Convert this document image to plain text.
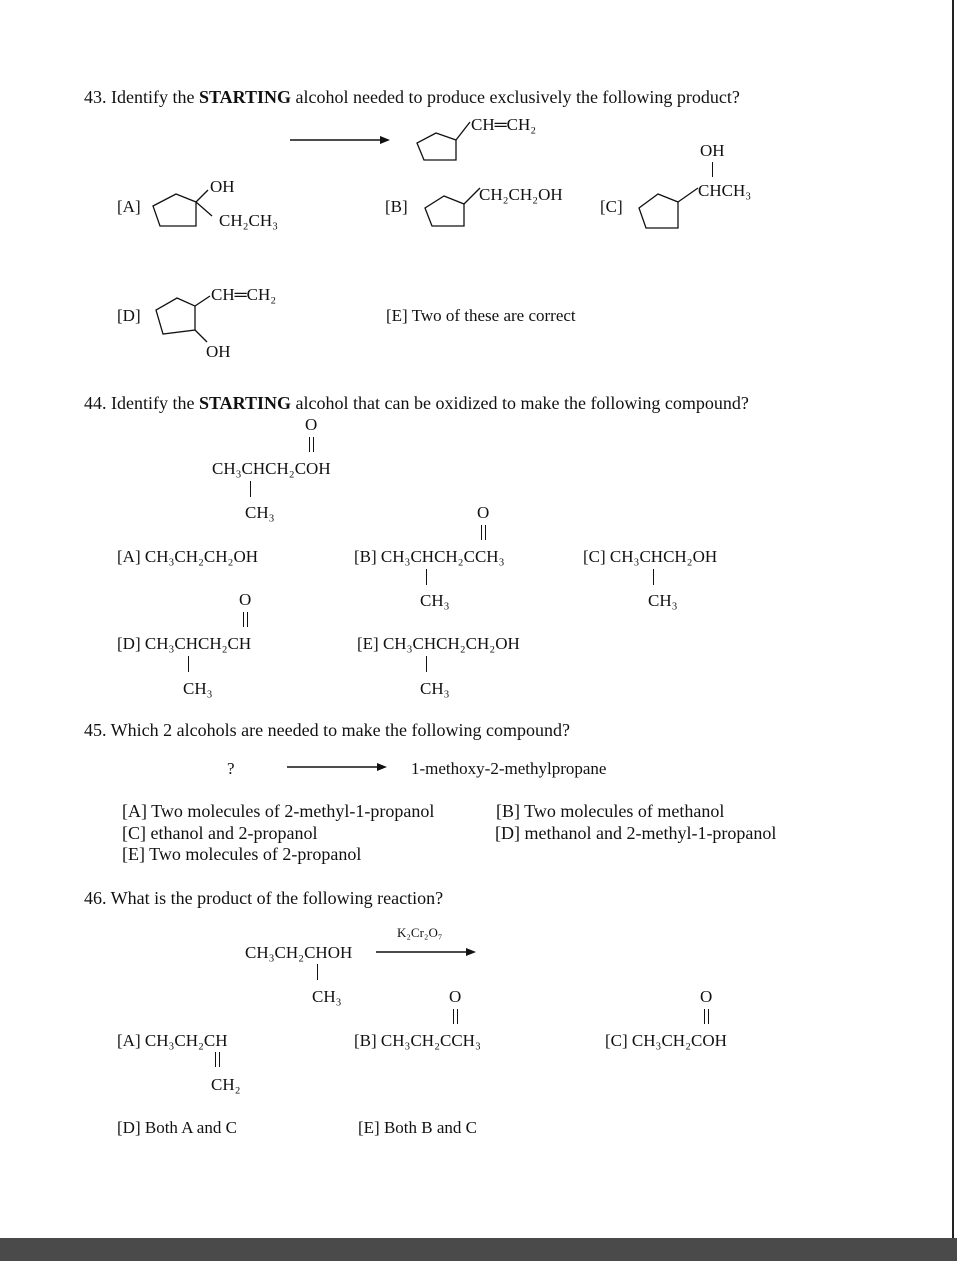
43. Identify the STARTING alcohol needed to produce exclusively the following product?
CH═CH₂
[A]
OH
CH₂CH₃
[B]
CH₂CH₂OH
[C]
OH
CHCH₃
[D]
CH═CH₂
OH
[E] Two of these are correct
44. Identify the STARTING alcohol that can be oxidized to make the following compound?
O
CH₃CHCH₂COH
CH₃
[A] CH₃CH₂CH₂OH
O
[B] CH₃CHCH₂CCH₃
CH₃
[C] CH₃CHCH₂OH
CH₃
O
[D] CH₃CHCH₂CH
CH₃
[E] CH₃CHCH₂CH₂OH
CH₃
45. Which 2 alcohols are needed to make the following compound?
?	1-methoxy-2-methylpropane
[A] Two molecules of 2-methyl-1-propanol	[B] Two molecules of methanol
[C] ethanol and 2-propanol	[D] methanol and 2-methyl-1-propanol
[E] Two molecules of 2-propanol
46. What is the product of the following reaction?
K₂Cr₂O₇
CH₃CH₂CHOH
CH₃
[A] CH₃CH₂CH
CH₂
O
[B] CH₃CH₂CCH₃
O
[C] CH₃CH₂COH
[D] Both A and C	[E] Both B and C
